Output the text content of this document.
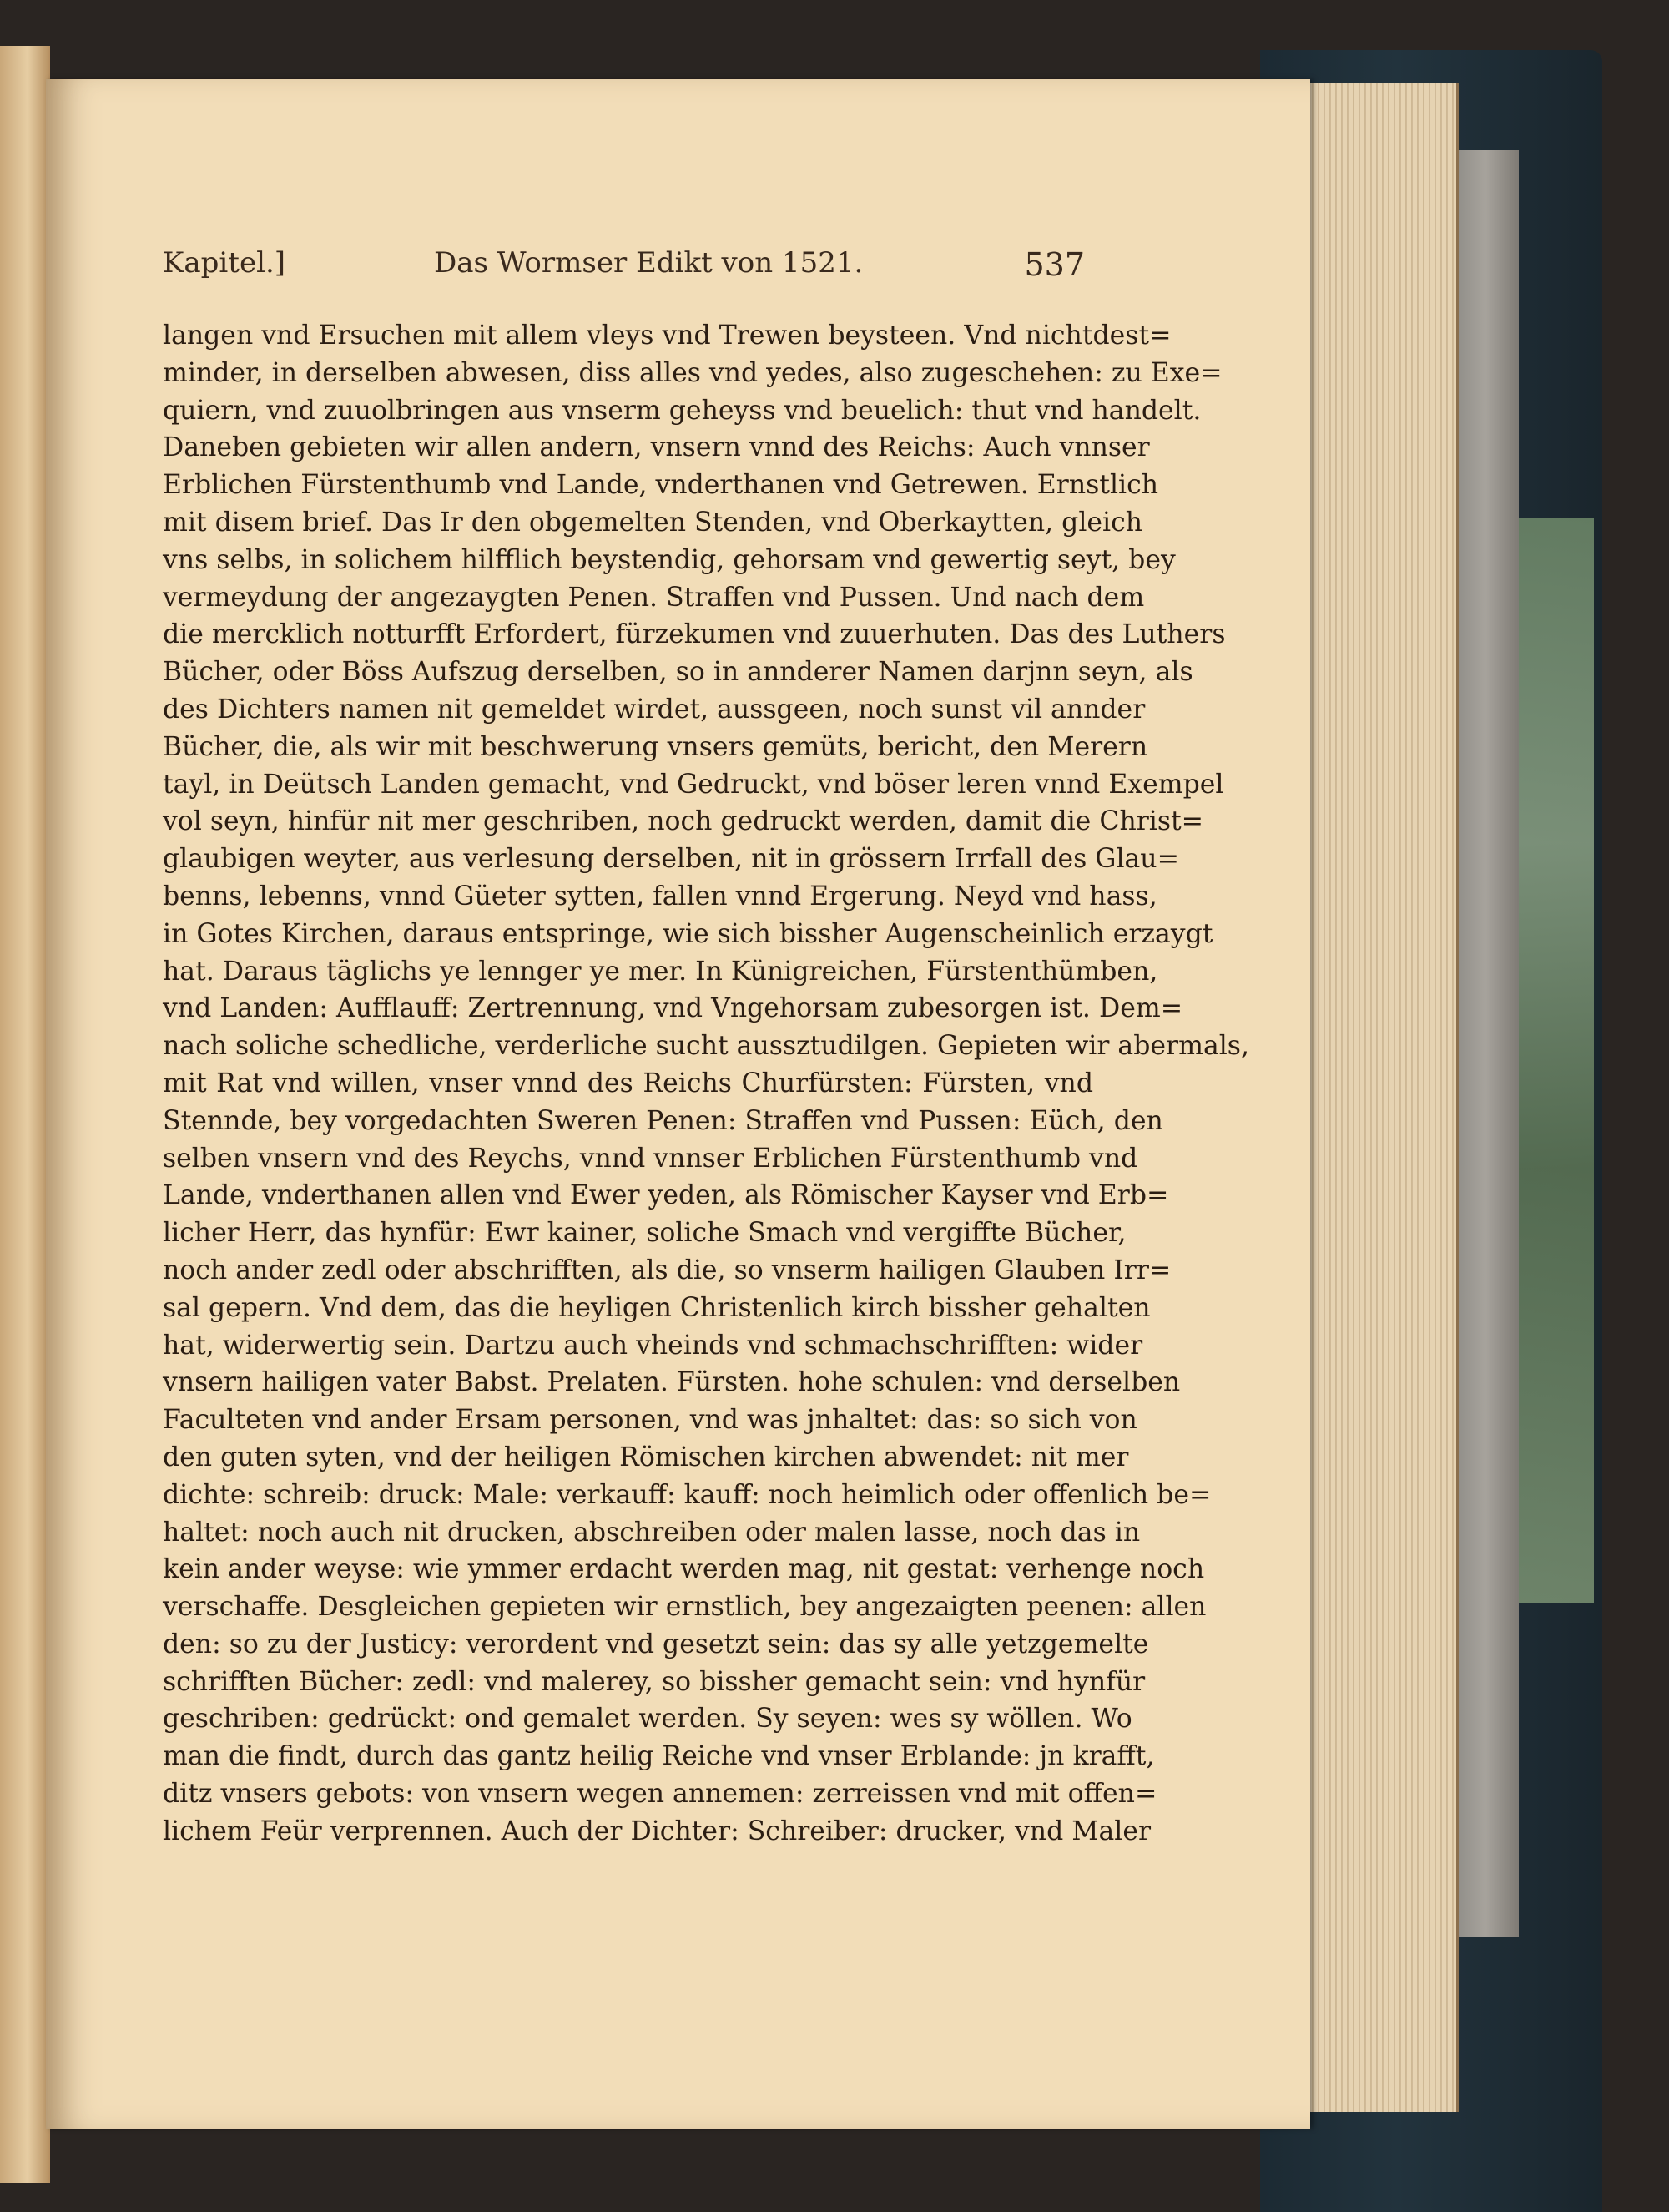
Kapitel.]	Das Wormser Edikt von 1521.	537
langen vnd Ersuchen mit allem vleys vnd Trewen beysteen. Vnd nichtdest=
minder, in derselben abwesen, diss alles vnd yedes, also zugeschehen: zu Exe=
quiern, vnd zuuolbringen aus vnserm geheyss vnd beuelich: thut vnd handelt.
Daneben gebieten wir allen andern, vnsern vnnd des Reichs: Auch vnnser
Erblichen Fürstenthumb vnd Lande, vnderthanen vnd Getrewen. Ernstlich
mit disem brief. Das Ir den obgemelten Stenden, vnd Oberkaytten, gleich
vns selbs, in solichem hilfflich beystendig, gehorsam vnd gewertig seyt, bey
vermeydung der angezaygten Penen. Straffen vnd Pussen. Und nach dem
die mercklich notturfft Erfordert, fürzekumen vnd zuuerhuten. Das des Luthers
Bücher, oder Böss Aufszug derselben, so in annderer Namen darjnn seyn, als
des Dichters namen nit gemeldet wirdet, aussgeen, noch sunst vil annder
Bücher, die, als wir mit beschwerung vnsers gemüts, bericht, den Merern
tayl, in Deütsch Landen gemacht, vnd Gedruckt, vnd böser leren vnnd Exempel
vol seyn, hinfür nit mer geschriben, noch gedruckt werden, damit die Christ=
glaubigen weyter, aus verlesung derselben, nit in grössern Irrfall des Glau=
benns, lebenns, vnnd Güeter sytten, fallen vnnd Ergerung. Neyd vnd hass,
in Gotes Kirchen, daraus entspringe, wie sich bissher Augenscheinlich erzaygt
hat. Daraus täglichs ye lennger ye mer. In Künigreichen, Fürstenthümben,
vnd Landen: Aufflauff: Zertrennung, vnd Vngehorsam zubesorgen ist. Dem=
nach soliche schedliche, verderliche sucht aussztudilgen. Gepieten wir abermals,
mit Rat vnd willen, vnser vnnd des Reichs Churfürsten: Fürsten, vnd
Stennde, bey vorgedachten Sweren Penen: Straffen vnd Pussen: Eüch, den
selben vnsern vnd des Reychs, vnnd vnnser Erblichen Fürstenthumb vnd
Lande, vnderthanen allen vnd Ewer yeden, als Römischer Kayser vnd Erb=
licher Herr, das hynfür: Ewr kainer, soliche Smach vnd vergiffte Bücher,
noch ander zedl oder abschrifften, als die, so vnserm hailigen Glauben Irr=
sal gepern. Vnd dem, das die heyligen Christenlich kirch bissher gehalten
hat, widerwertig sein. Dartzu auch vheinds vnd schmachschrifften: wider
vnsern hailigen vater Babst. Prelaten. Fürsten. hohe schulen: vnd derselben
Faculteten vnd ander Ersam personen, vnd was jnhaltet: das: so sich von
den guten syten, vnd der heiligen Römischen kirchen abwendet: nit mer
dichte: schreib: druck: Male: verkauff: kauff: noch heimlich oder offenlich be=
haltet: noch auch nit drucken, abschreiben oder malen lasse, noch das in
kein ander weyse: wie ymmer erdacht werden mag, nit gestat: verhenge noch
verschaffe. Desgleichen gepieten wir ernstlich, bey angezaigten peenen: allen
den: so zu der Justicy: verordent vnd gesetzt sein: das sy alle yetzgemelte
schrifften Bücher: zedl: vnd malerey, so bissher gemacht sein: vnd hynfür
geschriben: gedrückt: ond gemalet werden. Sy seyen: wes sy wöllen. Wo
man die findt, durch das gantz heilig Reiche vnd vnser Erblande: jn krafft,
ditz vnsers gebots: von vnsern wegen annemen: zerreissen vnd mit offen=
lichem Feür verprennen. Auch der Dichter: Schreiber: drucker, vnd Maler
